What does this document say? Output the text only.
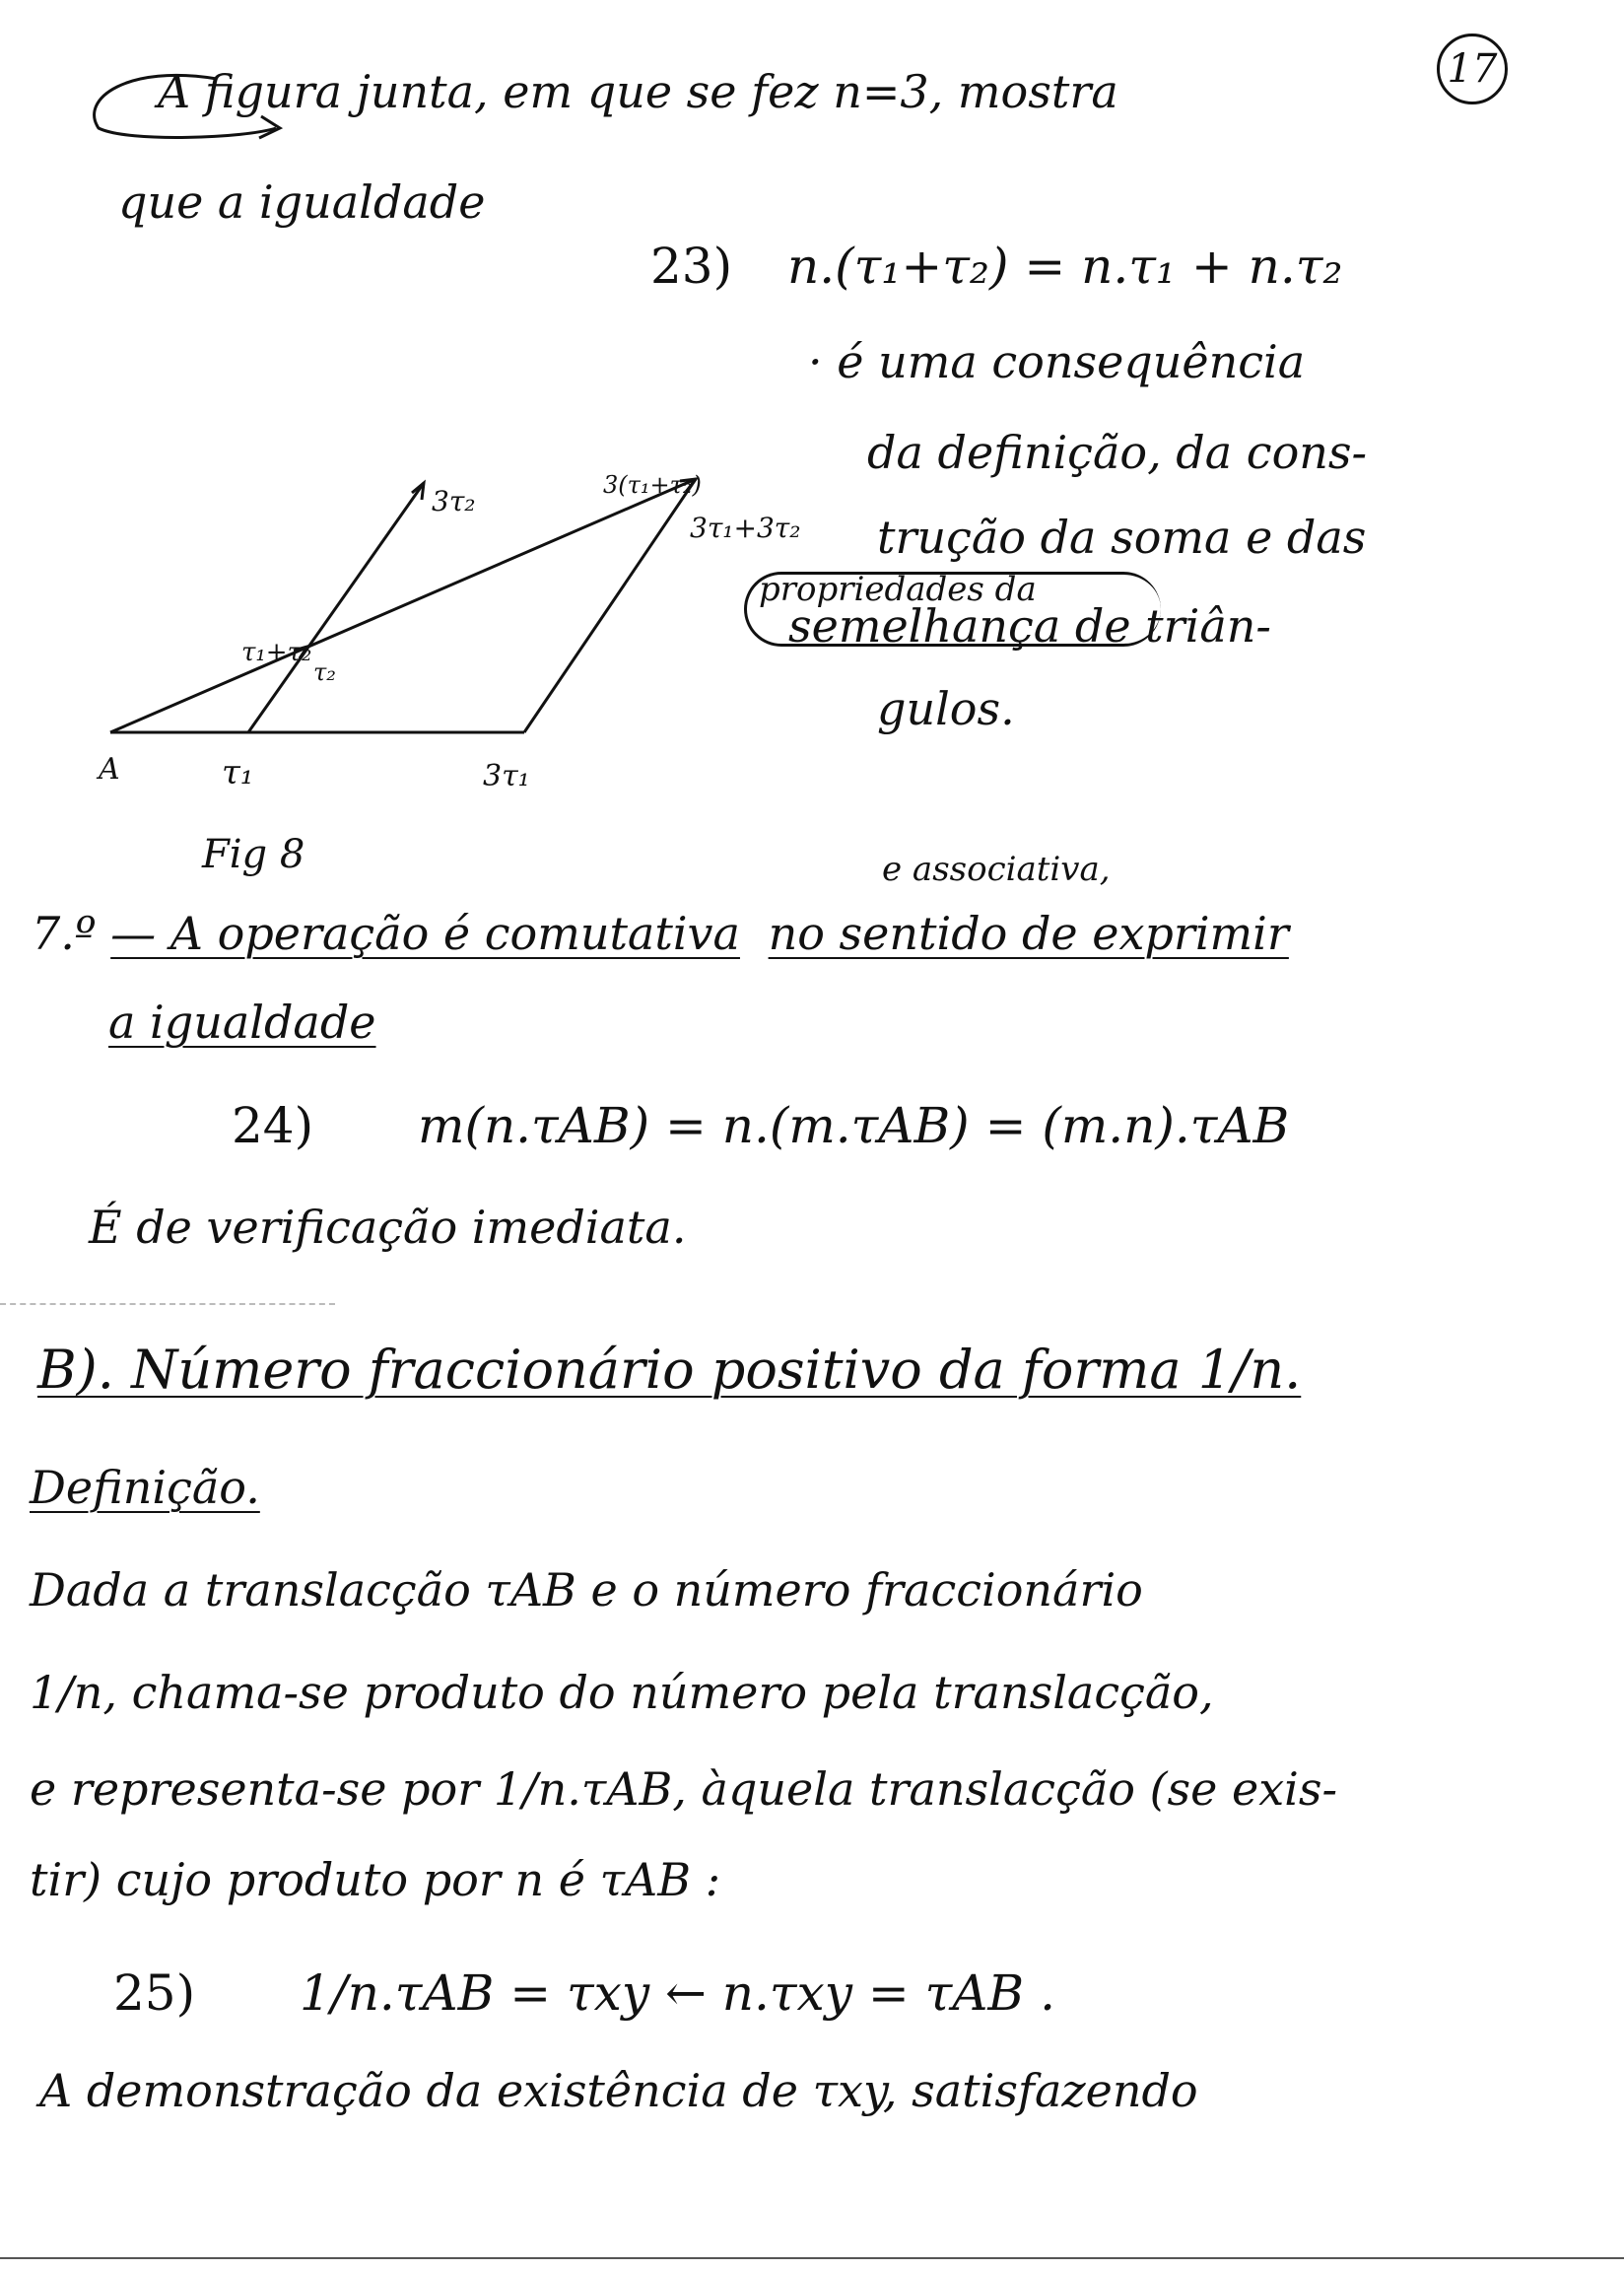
17
A figura junta, em que se fez n=3, mostra
que a igualdade
23) n.(τ₁+τ₂) = n.τ₁ + n.τ₂
· é uma consequência
da definição, da cons-
trução da soma e das
propriedades da
semelhança de triân-
gulos.
A	τ₁	3τ₁
3τ₂	3(τ₁+τ₂)
3τ₁+3τ₂
τ₁+τ₂
τ₂
Fig 8	e associativa,
7.º — A operação é comutativa no sentido de exprimir
a igualdade
24) m(n.τAB) = n.(m.τAB) = (m.n).τAB
É de verificação imediata.
B). Número fraccionário positivo da forma 1/n.
Definição.
Dada a translacção τAB e o número fraccionário
1/n, chama-se produto do número pela translacção,
e representa-se por 1/n.τAB, àquela translacção (se exis-
tir) cujo produto por n é τAB :
25) 1/n.τAB = τxy ← n.τxy = τAB .
A demonstração da existência de τxy, satisfazendo
